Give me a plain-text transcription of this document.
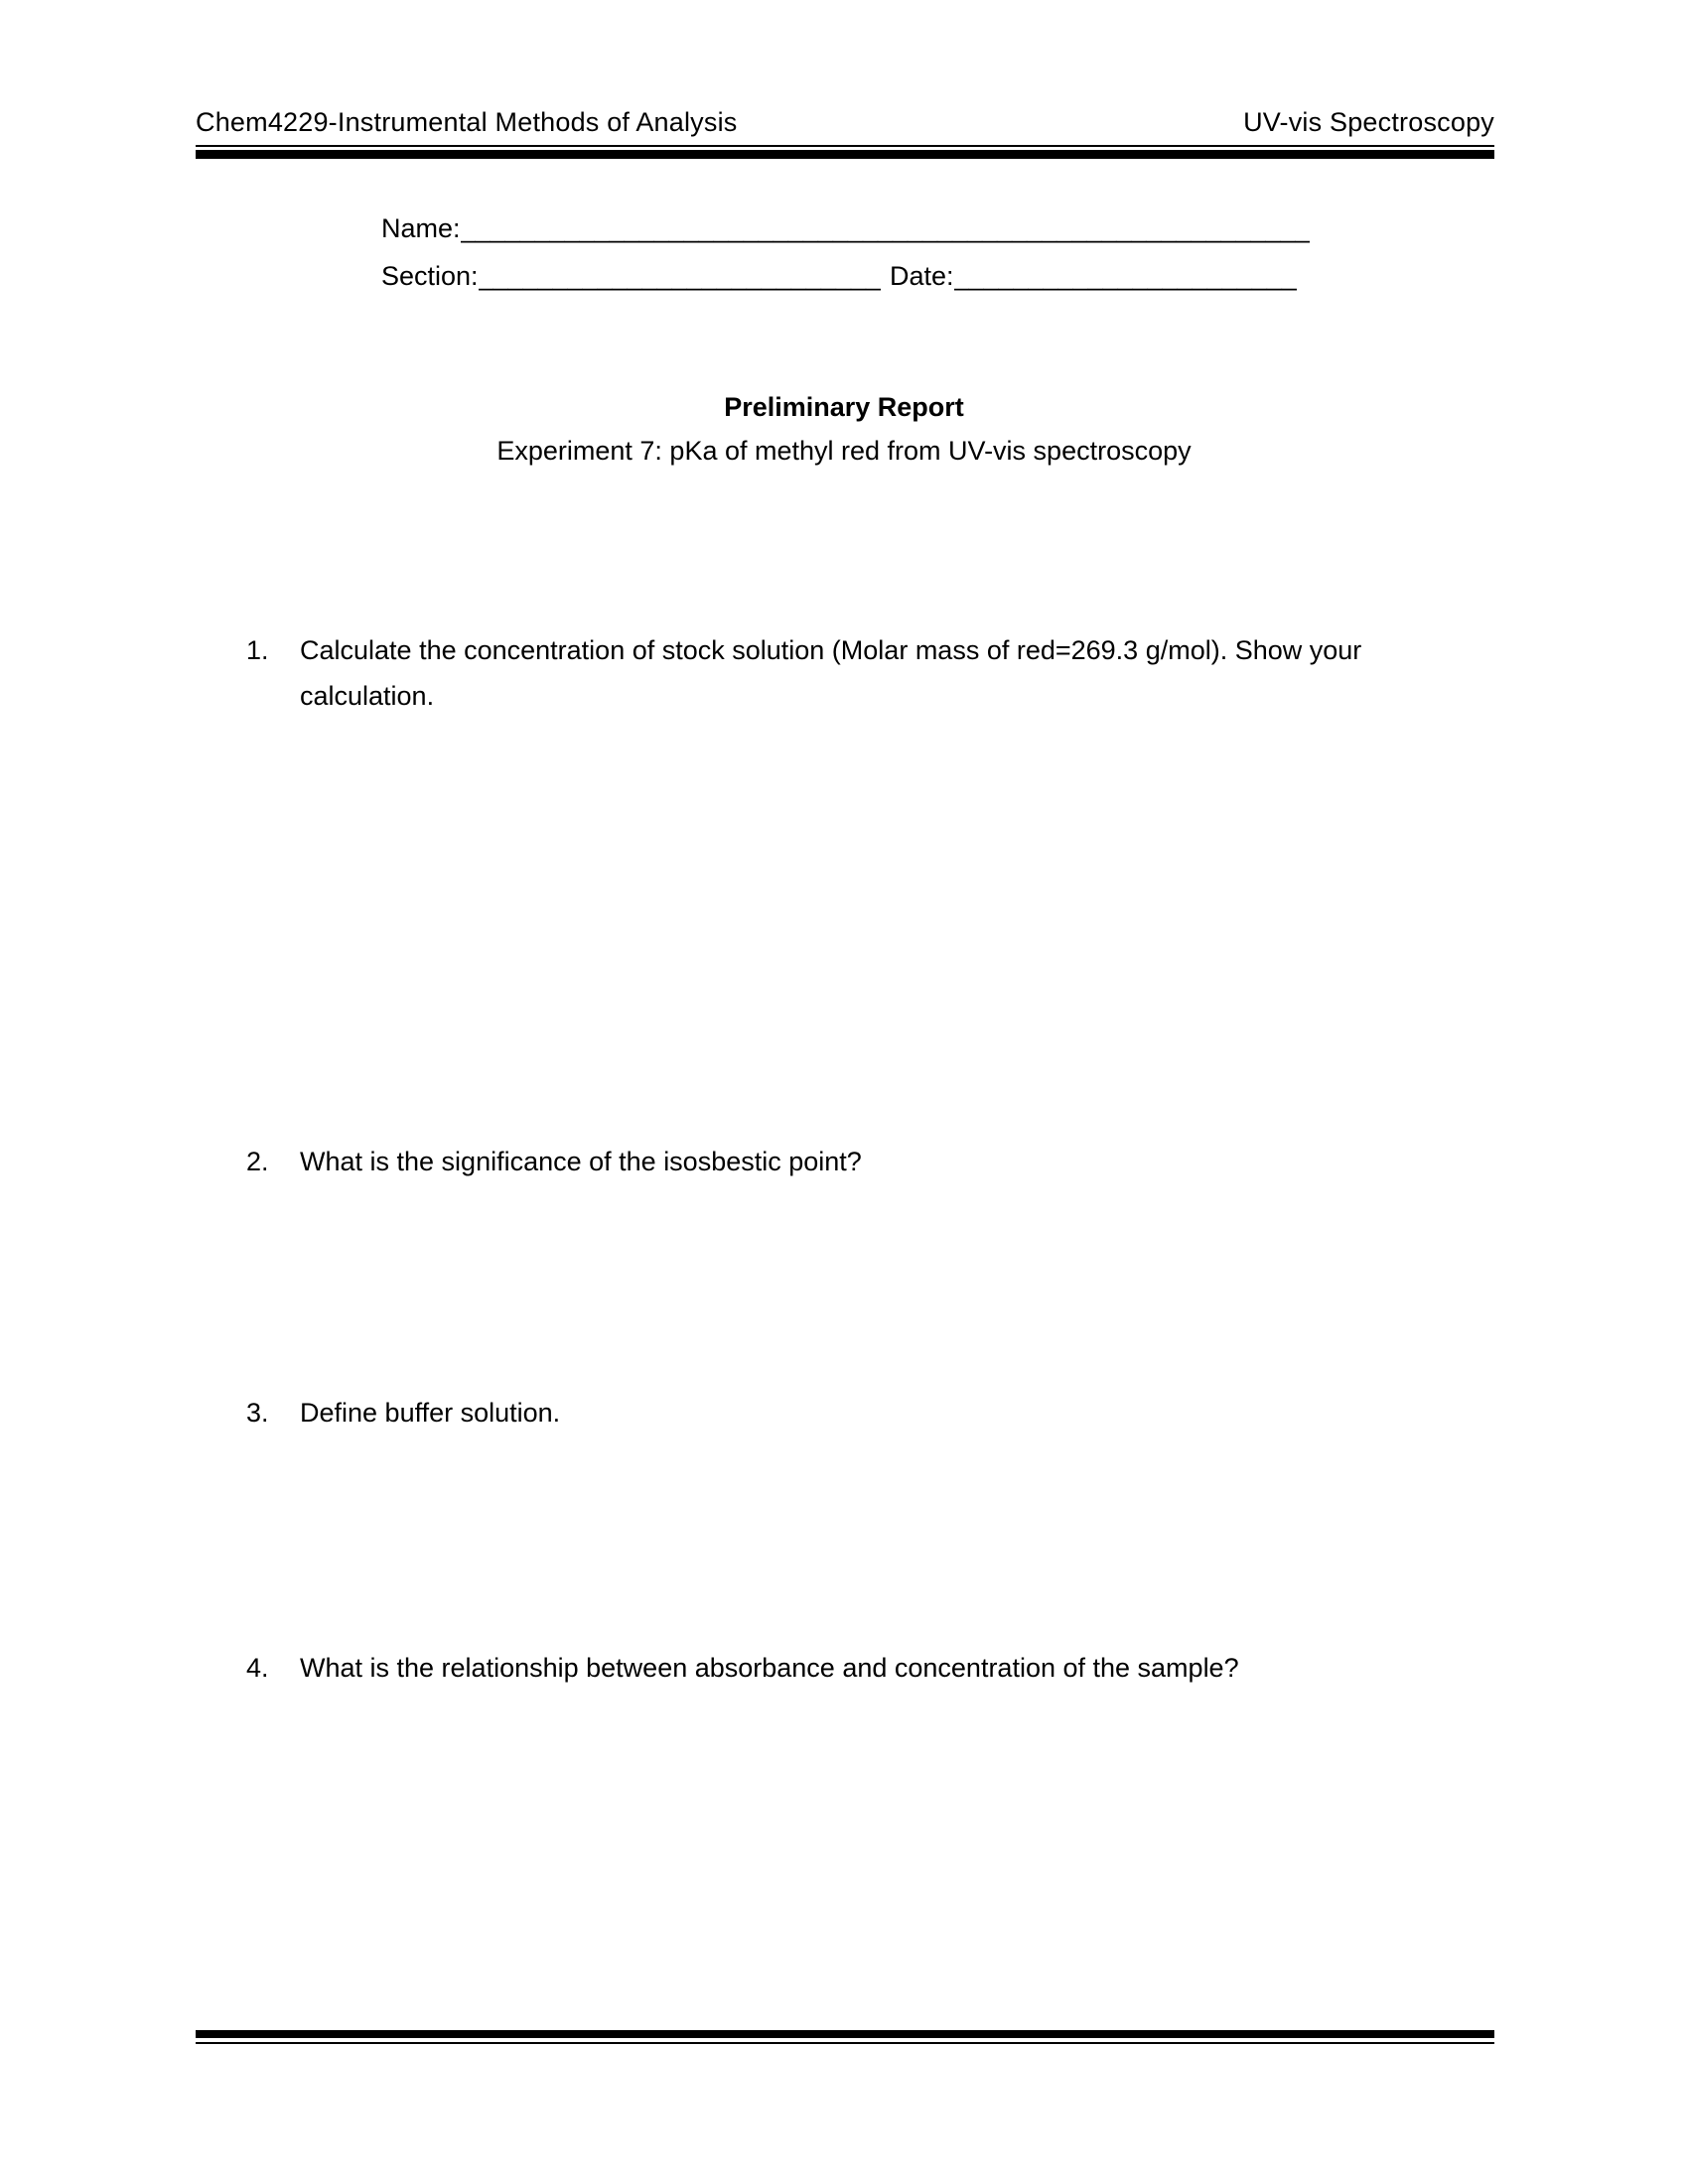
Chem4229-Instrumental Methods of Analysis	UV-vis Spectroscopy
Name:_________________________________________________________
Section:___________________________ Date:_______________________
Preliminary Report
Experiment 7: pKa of methyl red from UV-vis spectroscopy
1.	Calculate the concentration of stock solution (Molar mass of red=269.3 g/mol). Show your calculation.
2.	What is the significance of the isosbestic point?
3.	Define buffer solution.
4.	What is the relationship between absorbance and concentration of the sample?
